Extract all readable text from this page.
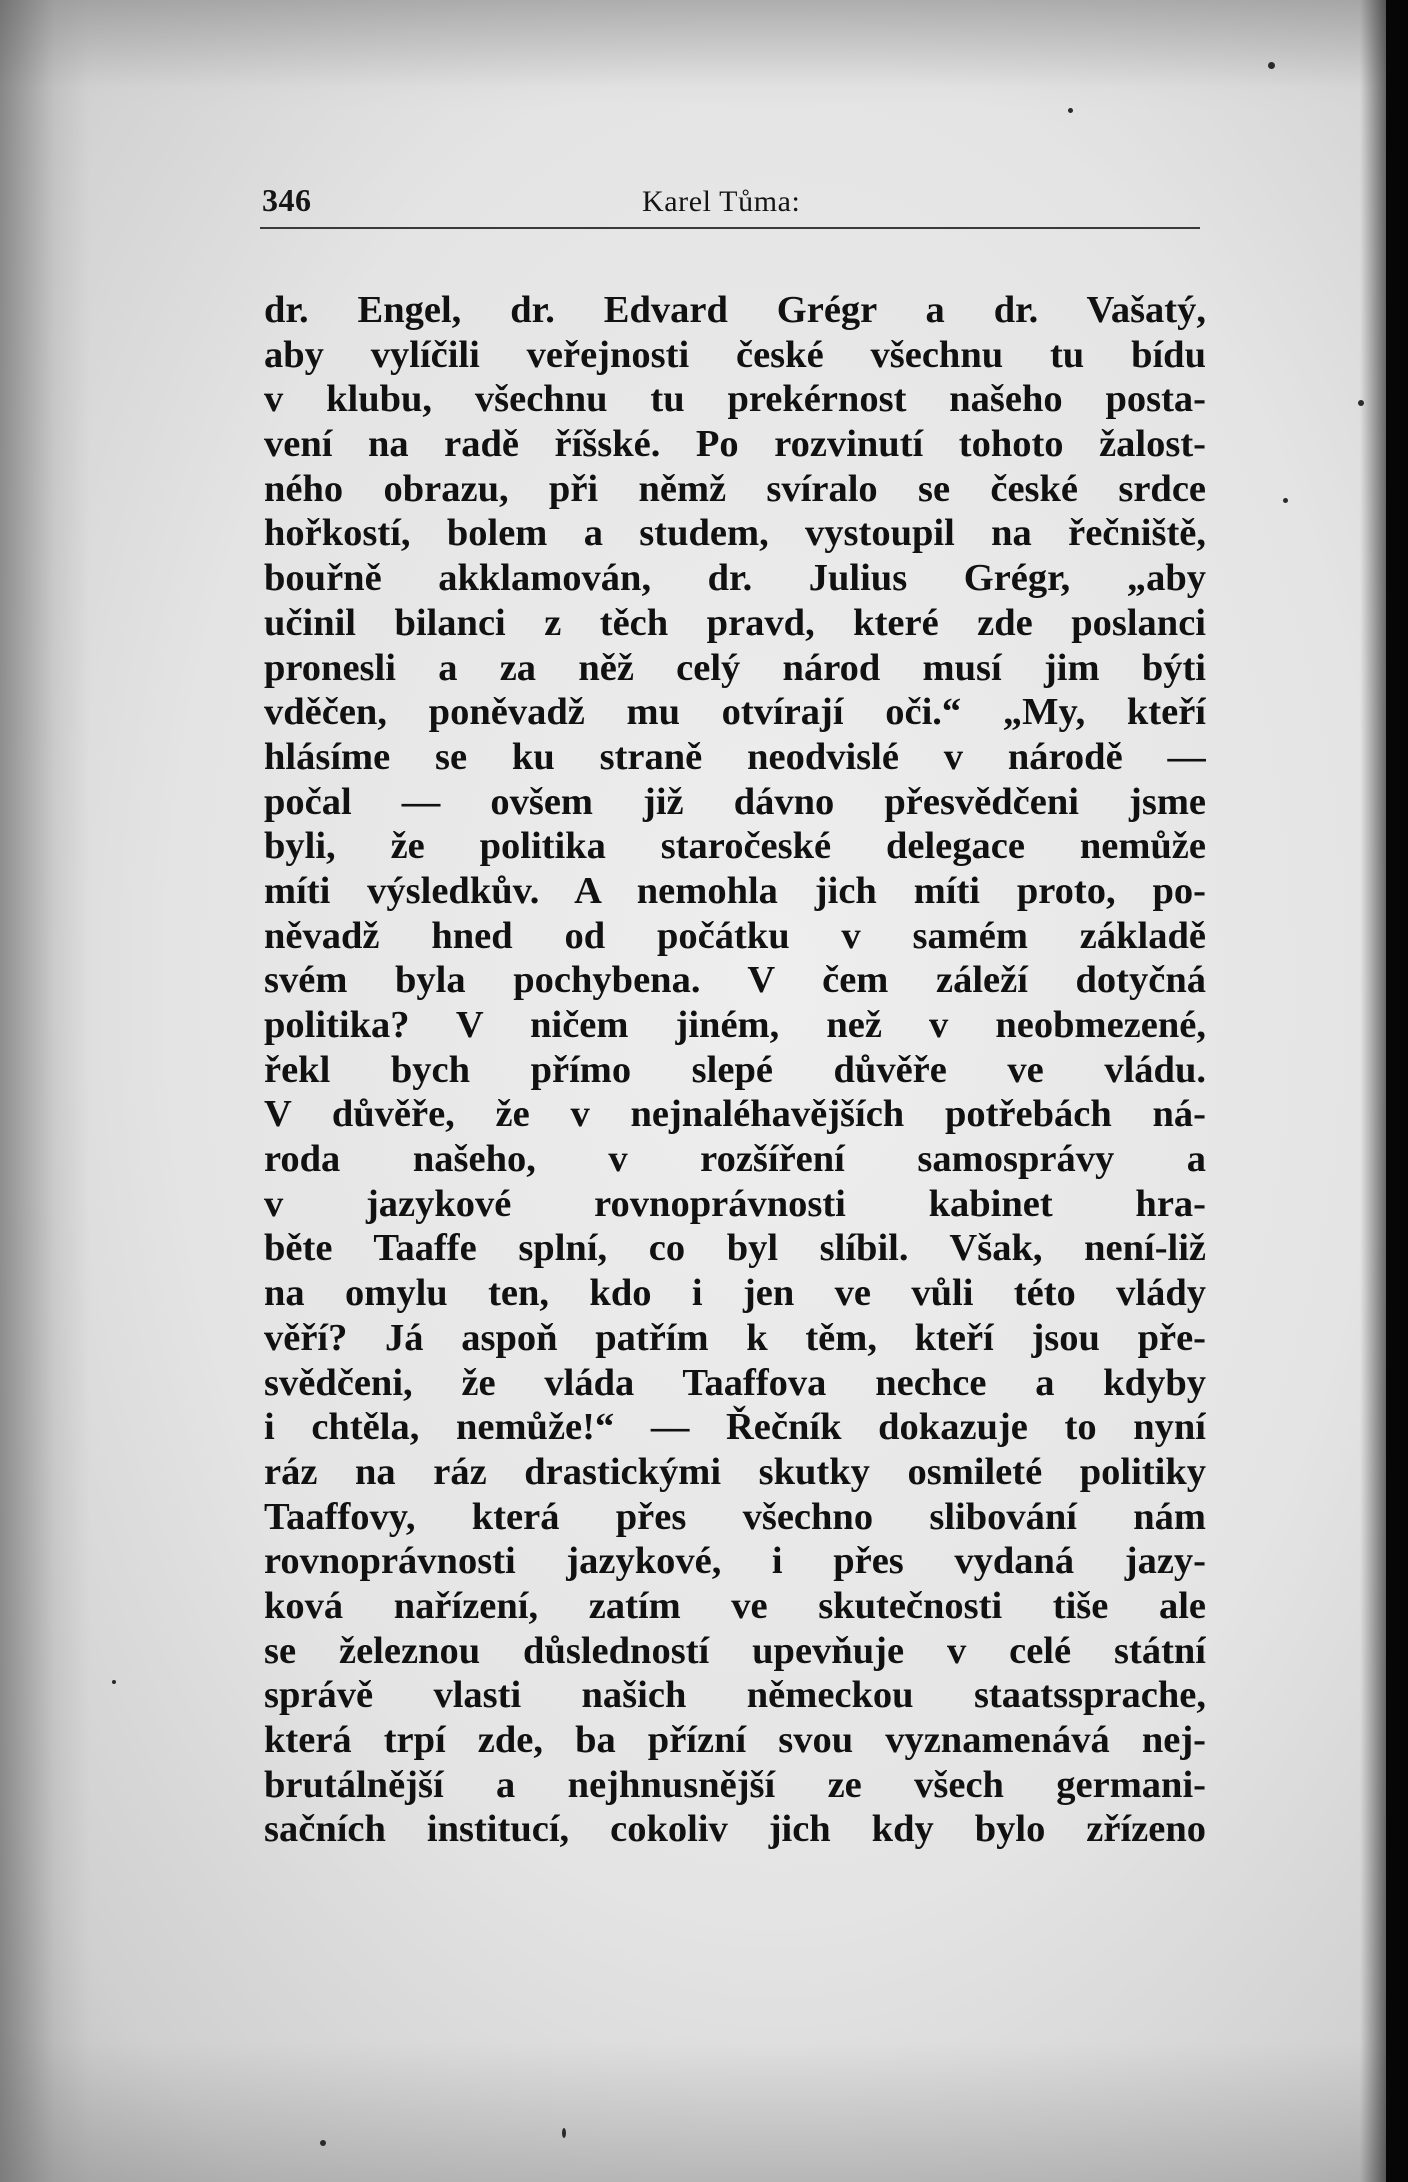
346	Karel Tůma:
dr. Engel, dr. Edvard Grégr a dr. Vašatý,
aby vylíčili veřejnosti české všechnu tu bídu
v klubu, všechnu tu prekérnost našeho posta-
vení na radě říšské. Po rozvinutí tohoto žalost-
ného obrazu, při němž svíralo se české srdce
hořkostí, bolem a studem, vystoupil na řečniště,
bouřně akklamován, dr. Julius Grégr, „aby
učinil bilanci z těch pravd, které zde poslanci
pronesli a za něž celý národ musí jim býti
vděčen, poněvadž mu otvírají oči.“ „My, kteří
hlásíme se ku straně neodvislé v národě —
počal — ovšem již dávno přesvědčeni jsme
byli, že politika staročeské delegace nemůže
míti výsledkův. A nemohla jich míti proto, po-
něvadž hned od počátku v samém základě
svém byla pochybena. V čem záleží dotyčná
politika? V ničem jiném, než v neobmezené,
řekl bych přímo slepé důvěře ve vládu.
V důvěře, že v nejnaléhavějších potřebách ná-
roda našeho, v rozšíření samosprávy a
v jazykové rovnoprávnosti kabinet hra-
běte Taaffe splní, co byl slíbil. Však, není-liž
na omylu ten, kdo i jen ve vůli této vlády
věří? Já aspoň patřím k těm, kteří jsou pře-
svědčeni, že vláda Taaffova nechce a kdyby
i chtěla, nemůže!“ — Řečník dokazuje to nyní
ráz na ráz drastickými skutky osmileté politiky
Taaffovy, která přes všechno slibování nám
rovnoprávnosti jazykové, i přes vydaná jazy-
ková nařízení, zatím ve skutečnosti tiše ale
se železnou důsledností upevňuje v celé státní
správě vlasti našich německou staatssprache,
která trpí zde, ba přízní svou vyznamenává nej-
brutálnější a nejhnusnější ze všech germani-
sačních institucí, cokoliv jich kdy bylo zřízeno
